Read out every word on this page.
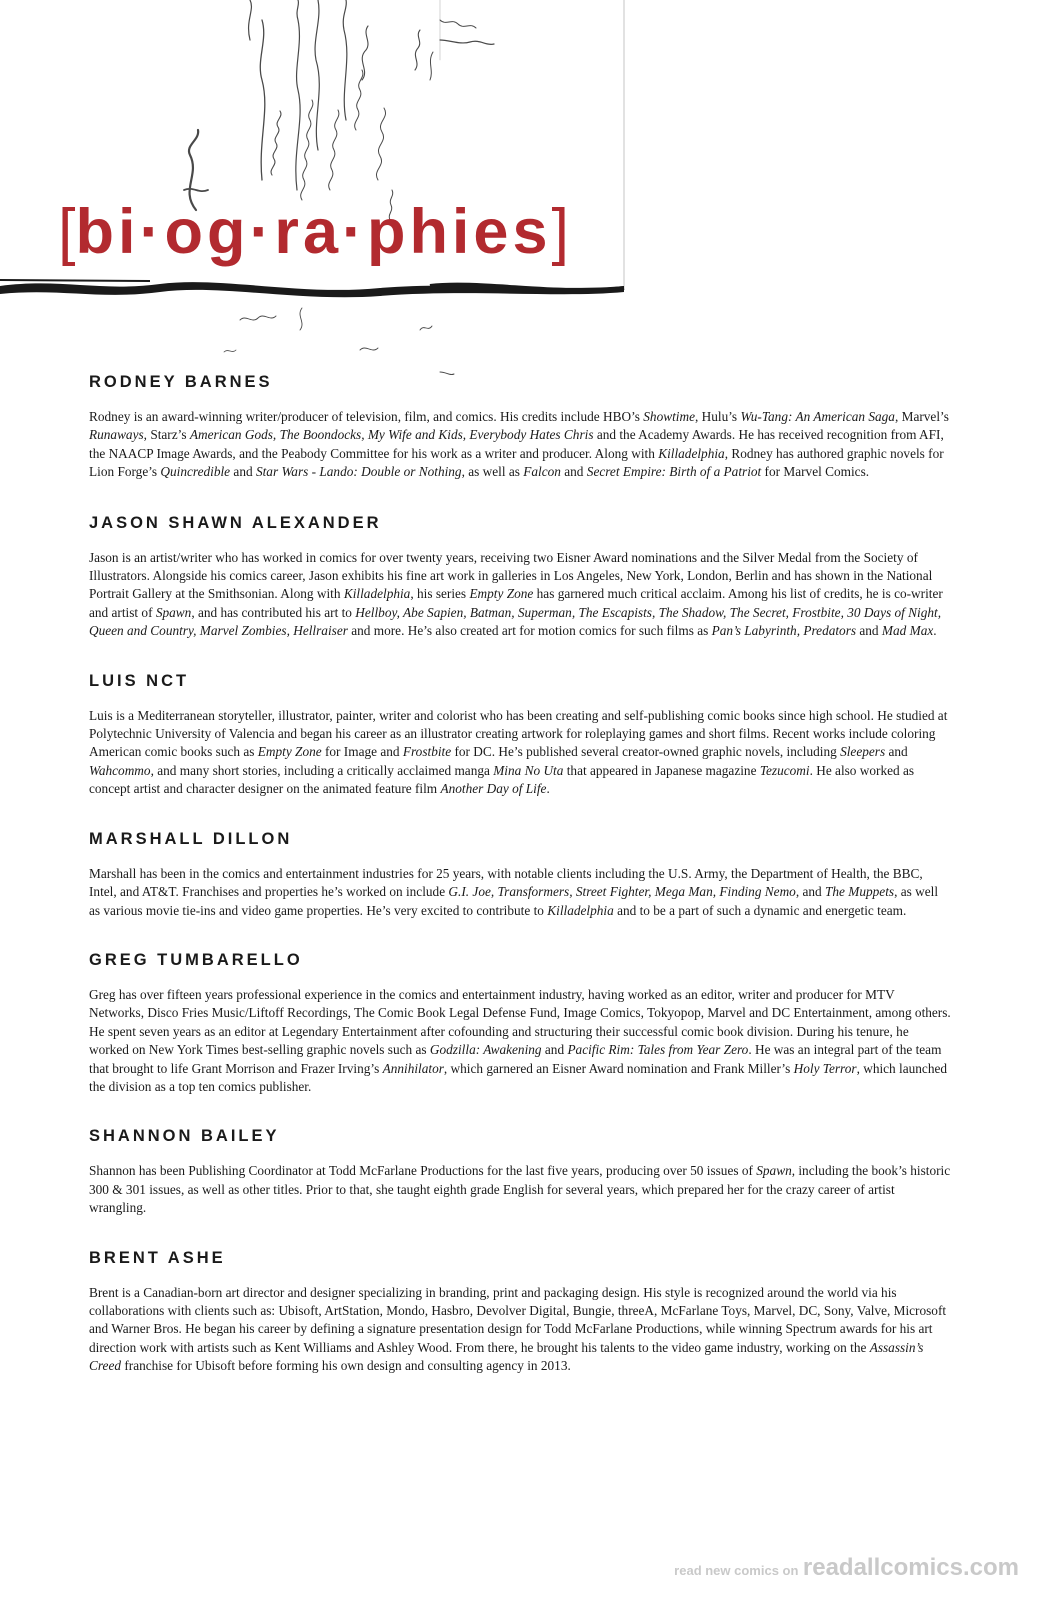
[bi·og·ra·phies]
RODNEY BARNES

Rodney is an award-winning writer/producer of television, film, and comics. His credits include HBO’s Showtime, Hulu’s Wu-Tang: An American Saga, Marvel’s Runaways, Starz’s American Gods, The Boondocks, My Wife and Kids, Everybody Hates Chris and the Academy Awards. He has received recognition from AFI, the NAACP Image Awards, and the Peabody Committee for his work as a writer and producer. Along with Killadelphia, Rodney has authored graphic novels for Lion Forge’s Quincredible and Star Wars - Lando: Double or Nothing, as well as Falcon and Secret Empire: Birth of a Patriot for Marvel Comics.

JASON SHAWN ALEXANDER

Jason is an artist/writer who has worked in comics for over twenty years, receiving two Eisner Award nominations and the Silver Medal from the Society of Illustrators. Alongside his comics career, Jason exhibits his fine art work in galleries in Los Angeles, New York, London, Berlin and has shown in the National Portrait Gallery at the Smithsonian. Along with Killadelphia, his series Empty Zone has garnered much critical acclaim. Among his list of credits, he is co-writer and artist of Spawn, and has contributed his art to Hellboy, Abe Sapien, Batman, Superman, The Escapists, The Shadow, The Secret, Frostbite, 30 Days of Night, Queen and Country, Marvel Zombies, Hellraiser and more. He’s also created art for motion comics for such films as Pan’s Labyrinth, Predators and Mad Max.

LUIS NCT

Luis is a Mediterranean storyteller, illustrator, painter, writer and colorist who has been creating and self-publishing comic books since high school. He studied at Polytechnic University of Valencia and began his career as an illustrator creating artwork for roleplaying games and short films. Recent works include coloring American comic books such as Empty Zone for Image and Frostbite for DC. He’s published several creator-owned graphic novels, including Sleepers and Wahcommo, and many short stories, including a critically acclaimed manga Mina No Uta that appeared in Japanese magazine Tezucomi. He also worked as concept artist and character designer on the animated feature film Another Day of Life.

MARSHALL DILLON

Marshall has been in the comics and entertainment industries for 25 years, with notable clients including the U.S. Army, the Department of Health, the BBC, Intel, and AT&T. Franchises and properties he’s worked on include G.I. Joe, Transformers, Street Fighter, Mega Man, Finding Nemo, and The Muppets, as well as various movie tie-ins and video game properties. He’s very excited to contribute to Killadelphia and to be a part of such a dynamic and energetic team.

GREG TUMBARELLO

Greg has over fifteen years professional experience in the comics and entertainment industry, having worked as an editor, writer and producer for MTV Networks, Disco Fries Music/Liftoff Recordings, The Comic Book Legal Defense Fund, Image Comics, Tokyopop, Marvel and DC Entertainment, among others. He spent seven years as an editor at Legendary Entertainment after cofounding and structuring their successful comic book division. During his tenure, he worked on New York Times best-selling graphic novels such as Godzilla: Awakening and Pacific Rim: Tales from Year Zero. He was an integral part of the team that brought to life Grant Morrison and Frazer Irving’s Annihilator, which garnered an Eisner Award nomination and Frank Miller’s Holy Terror, which launched the division as a top ten comics publisher.

SHANNON BAILEY

Shannon has been Publishing Coordinator at Todd McFarlane Productions for the last five years, producing over 50 issues of Spawn, including the book’s historic 300 & 301 issues, as well as other titles. Prior to that, she taught eighth grade English for several years, which prepared her for the crazy career of artist wrangling.

BRENT ASHE

Brent is a Canadian-born art director and designer specializing in branding, print and packaging design. His style is recognized around the world via his collaborations with clients such as: Ubisoft, ArtStation, Mondo, Hasbro, Devolver Digital, Bungie, threeA, McFarlane Toys, Marvel, DC, Sony, Valve, Microsoft and Warner Bros. He began his career by defining a signature presentation design for Todd McFarlane Productions, while winning Spectrum awards for his art direction work with artists such as Kent Williams and Ashley Wood. From there, he brought his talents to the video game industry, working on the Assassin’s Creed franchise for Ubisoft before forming his own design and consulting agency in 2013.

read new comics on readallcomics.com
